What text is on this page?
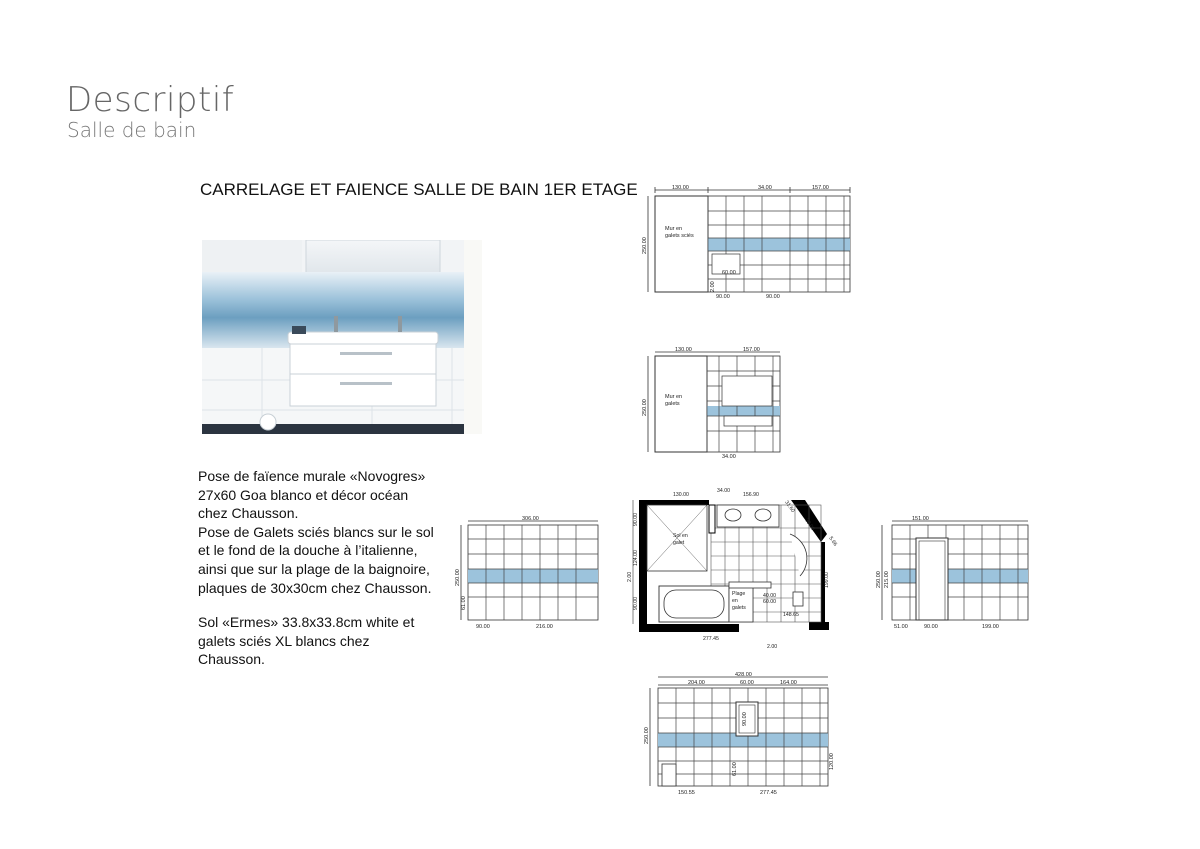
Descriptif
Salle de bain
CARRELAGE ET FAIENCE SALLE DE BAIN 1ER ETAGE

Pose de faïence murale «Novogres»

27x60 Goa blanco et décor océan

chez Chausson.

Pose de Galets sciés blancs sur le sol

et le fond de la douche à l’italienne,

ainsi que sur la plage de la baignoire,

plaques de 30x30cm chez Chausson.

Sol «Ermes» 33.8x33.8cm white et

galets sciés XL blancs chez Chausson.

130.00	34.00	157.00
250.00
Mur en
galets sciés
60.00
2.00
90.00	90.00
130.00	157.00
250.00
Mur en
galets
34.00
306.00
250.00
61.00
90.00	216.00
130.00
34.00
156.90
31.60
30.00
5.66
90.00
124.00
2.00
90.00
199.00
Sol en
galet
Plage
en
galets
40.00
60.00
148.65
277.45
2.00
151.00
250.00 215.00
51.00	90.00	199.00
428.00
204.00	60.00	164.00
250.00
90.00
61.00	120.00
150.55	277.45
